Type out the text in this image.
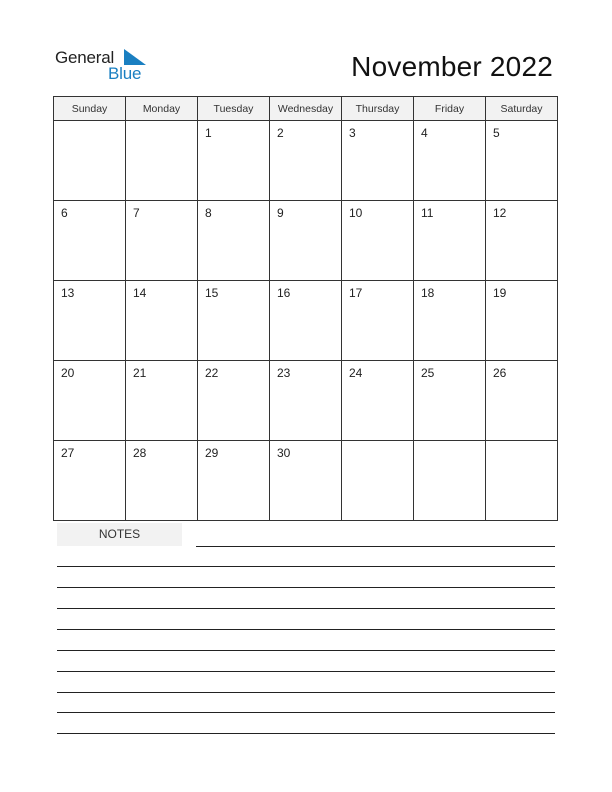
General
Blue	November 2022
Sunday	Monday	Tuesday	Wednesday	Thursday	Friday	Saturday
		1	2	3	4	5
6	7	8	9	10	11	12
13	14	15	16	17	18	19
20	21	22	23	24	25	26
27	28	29	30			
NOTES
